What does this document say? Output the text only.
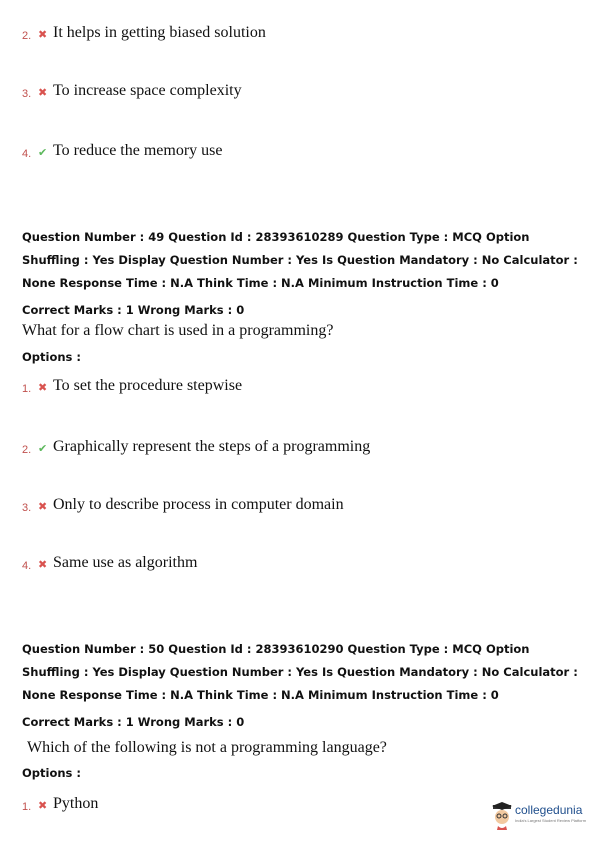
2. ✖ It helps in getting biased solution
3. ✖ To increase space complexity
4. ✔ To reduce the memory use
Question Number : 49 Question Id : 28393610289 Question Type : MCQ Option Shuffling : Yes Display Question Number : Yes Is Question Mandatory : No Calculator : None Response Time : N.A Think Time : N.A Minimum Instruction Time : 0
Correct Marks : 1 Wrong Marks : 0
What for a flow chart is used in a programming?
Options :
1. ✖ To set the procedure stepwise
2. ✔ Graphically represent the steps of a programming
3. ✖ Only to describe process in computer domain
4. ✖ Same use as algorithm
Question Number : 50 Question Id : 28393610290 Question Type : MCQ Option Shuffling : Yes Display Question Number : Yes Is Question Mandatory : No Calculator : None Response Time : N.A Think Time : N.A Minimum Instruction Time : 0
Correct Marks : 1 Wrong Marks : 0
Which of the following is not a programming language?
Options :
1. ✖ Python	collegedunia
India's Largest Student Review Platform
